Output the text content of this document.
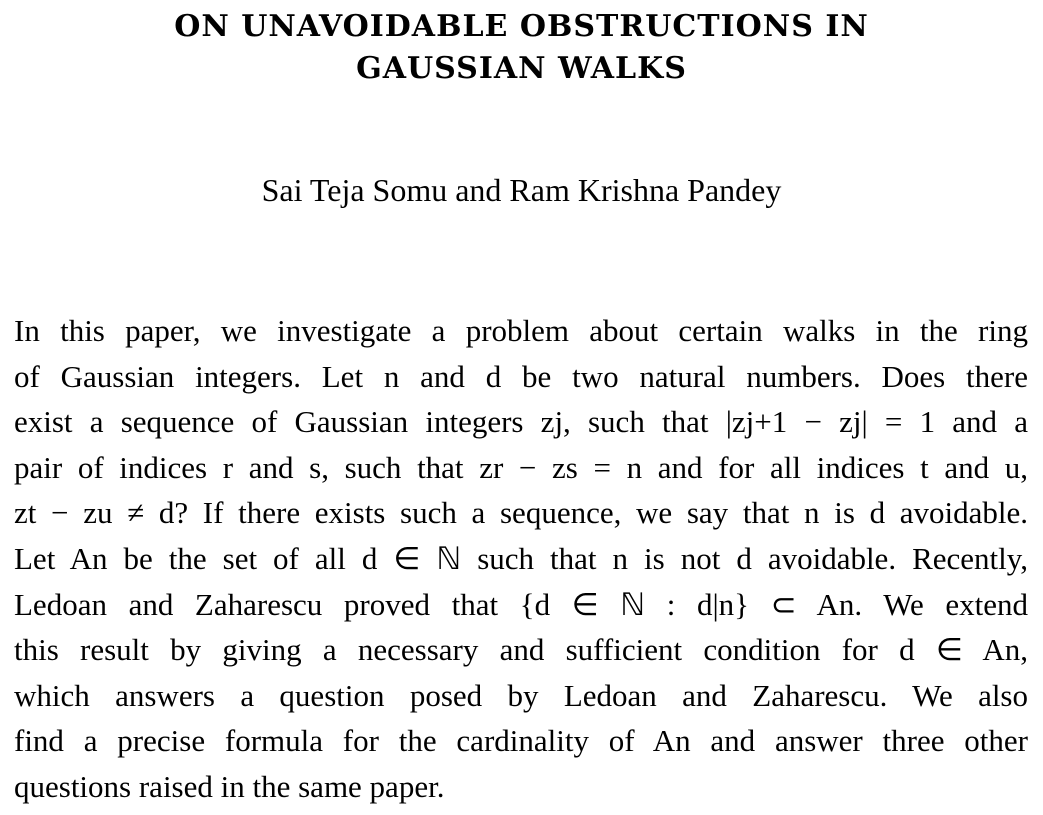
ON UNAVOIDABLE OBSTRUCTIONS IN
GAUSSIAN WALKS
Sai Teja Somu and Ram Krishna Pandey
In this paper, we investigate a problem about certain walks in the ring
of Gaussian integers. Let n and d be two natural numbers. Does there
exist a sequence of Gaussian integers zj, such that |zj+1 − zj| = 1 and a
pair of indices r and s, such that zr − zs = n and for all indices t and u,
zt − zu ≠ d? If there exists such a sequence, we say that n is d avoidable.
Let An be the set of all d ∈ ℕ such that n is not d avoidable. Recently,
Ledoan and Zaharescu proved that {d ∈ ℕ : d|n} ⊂ An. We extend
this result by giving a necessary and sufficient condition for d ∈ An,
which answers a question posed by Ledoan and Zaharescu. We also
find a precise formula for the cardinality of An and answer three other
questions raised in the same paper.
